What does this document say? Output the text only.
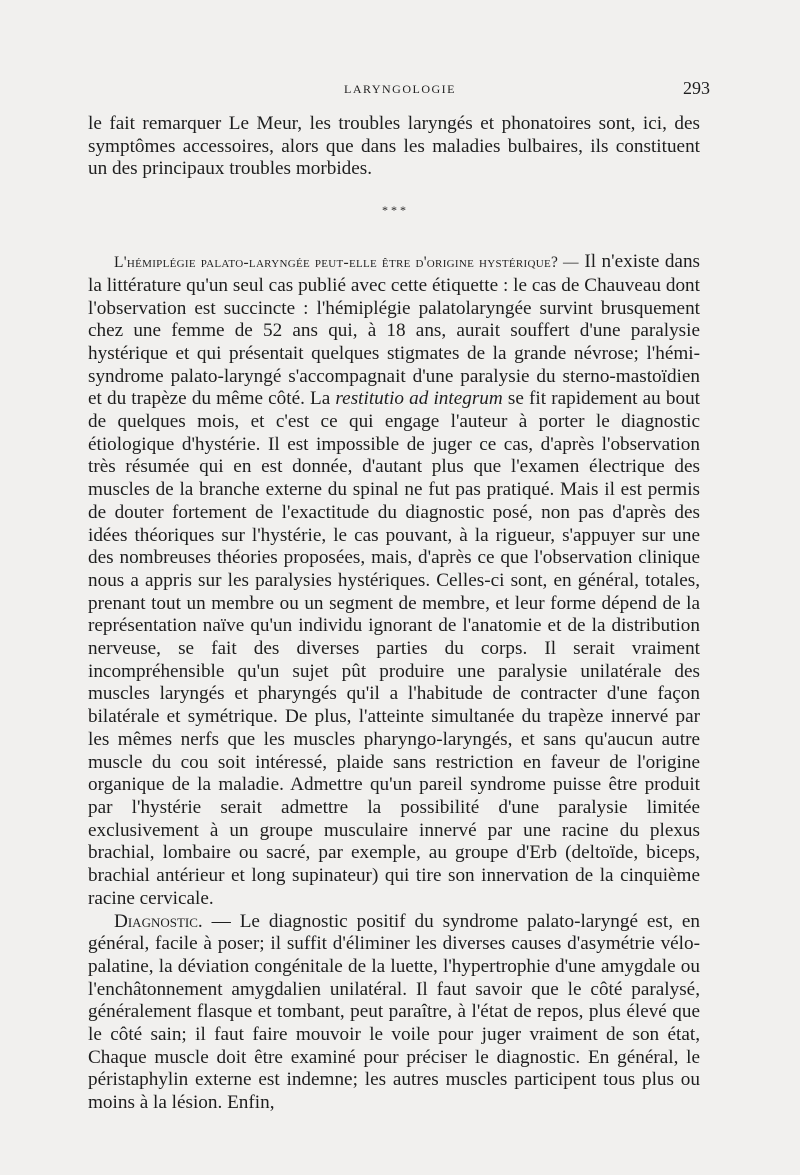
LARYNGOLOGIE	293

le fait remarquer Le Meur, les troubles laryngés et phonatoires sont, ici, des symptômes accessoires, alors que dans les maladies bulbaires, ils constituent un des principaux troubles morbides.

* * *

L'hémiplégie palato-laryngée peut-elle être d'origine hystérique? — Il n'existe dans la littérature qu'un seul cas publié avec cette étiquette : le cas de Chauveau dont l'observation est succincte : l'hémiplégie palatolaryngée survint brusquement chez une femme de 52 ans qui, à 18 ans, aurait souffert d'une paralysie hystérique et qui présentait quelques stigmates de la grande névrose; l'hémi-syndrome palato-laryngé s'accompagnait d'une paralysie du sterno-mastoïdien et du trapèze du même côté. La restitutio ad integrum se fit rapidement au bout de quelques mois, et c'est ce qui engage l'auteur à porter le diagnostic étiologique d'hystérie. Il est impossible de juger ce cas, d'après l'observation très résumée qui en est donnée, d'autant plus que l'examen électrique des muscles de la branche externe du spinal ne fut pas pratiqué. Mais il est permis de douter fortement de l'exactitude du diagnostic posé, non pas d'après des idées théoriques sur l'hystérie, le cas pouvant, à la rigueur, s'appuyer sur une des nombreuses théories proposées, mais, d'après ce que l'observation clinique nous a appris sur les paralysies hystériques. Celles-ci sont, en général, totales, prenant tout un membre ou un segment de membre, et leur forme dépend de la représentation naïve qu'un individu ignorant de l'anatomie et de la distribution nerveuse, se fait des diverses parties du corps. Il serait vraiment incompréhensible qu'un sujet pût produire une paralysie unilatérale des muscles laryngés et pharyngés qu'il a l'habitude de contracter d'une façon bilatérale et symétrique. De plus, l'atteinte simultanée du trapèze innervé par les mêmes nerfs que les muscles pharyngo-laryngés, et sans qu'aucun autre muscle du cou soit intéressé, plaide sans restriction en faveur de l'origine organique de la maladie. Admettre qu'un pareil syndrome puisse être produit par l'hystérie serait admettre la possibilité d'une paralysie limitée exclusivement à un groupe musculaire innervé par une racine du plexus brachial, lombaire ou sacré, par exemple, au groupe d'Erb (deltoïde, biceps, brachial antérieur et long supinateur) qui tire son innervation de la cinquième racine cervicale.

Diagnostic. — Le diagnostic positif du syndrome palato-laryngé est, en général, facile à poser; il suffit d'éliminer les diverses causes d'asymétrie vélo-palatine, la déviation congénitale de la luette, l'hypertrophie d'une amygdale ou l'enchâtonnement amygdalien unilatéral. Il faut savoir que le côté paralysé, généralement flasque et tombant, peut paraître, à l'état de repos, plus élevé que le côté sain; il faut faire mouvoir le voile pour juger vraiment de son état, Chaque muscle doit être examiné pour préciser le diagnostic. En général, le péristaphylin externe est indemne; les autres muscles participent tous plus ou moins à la lésion. Enfin,
